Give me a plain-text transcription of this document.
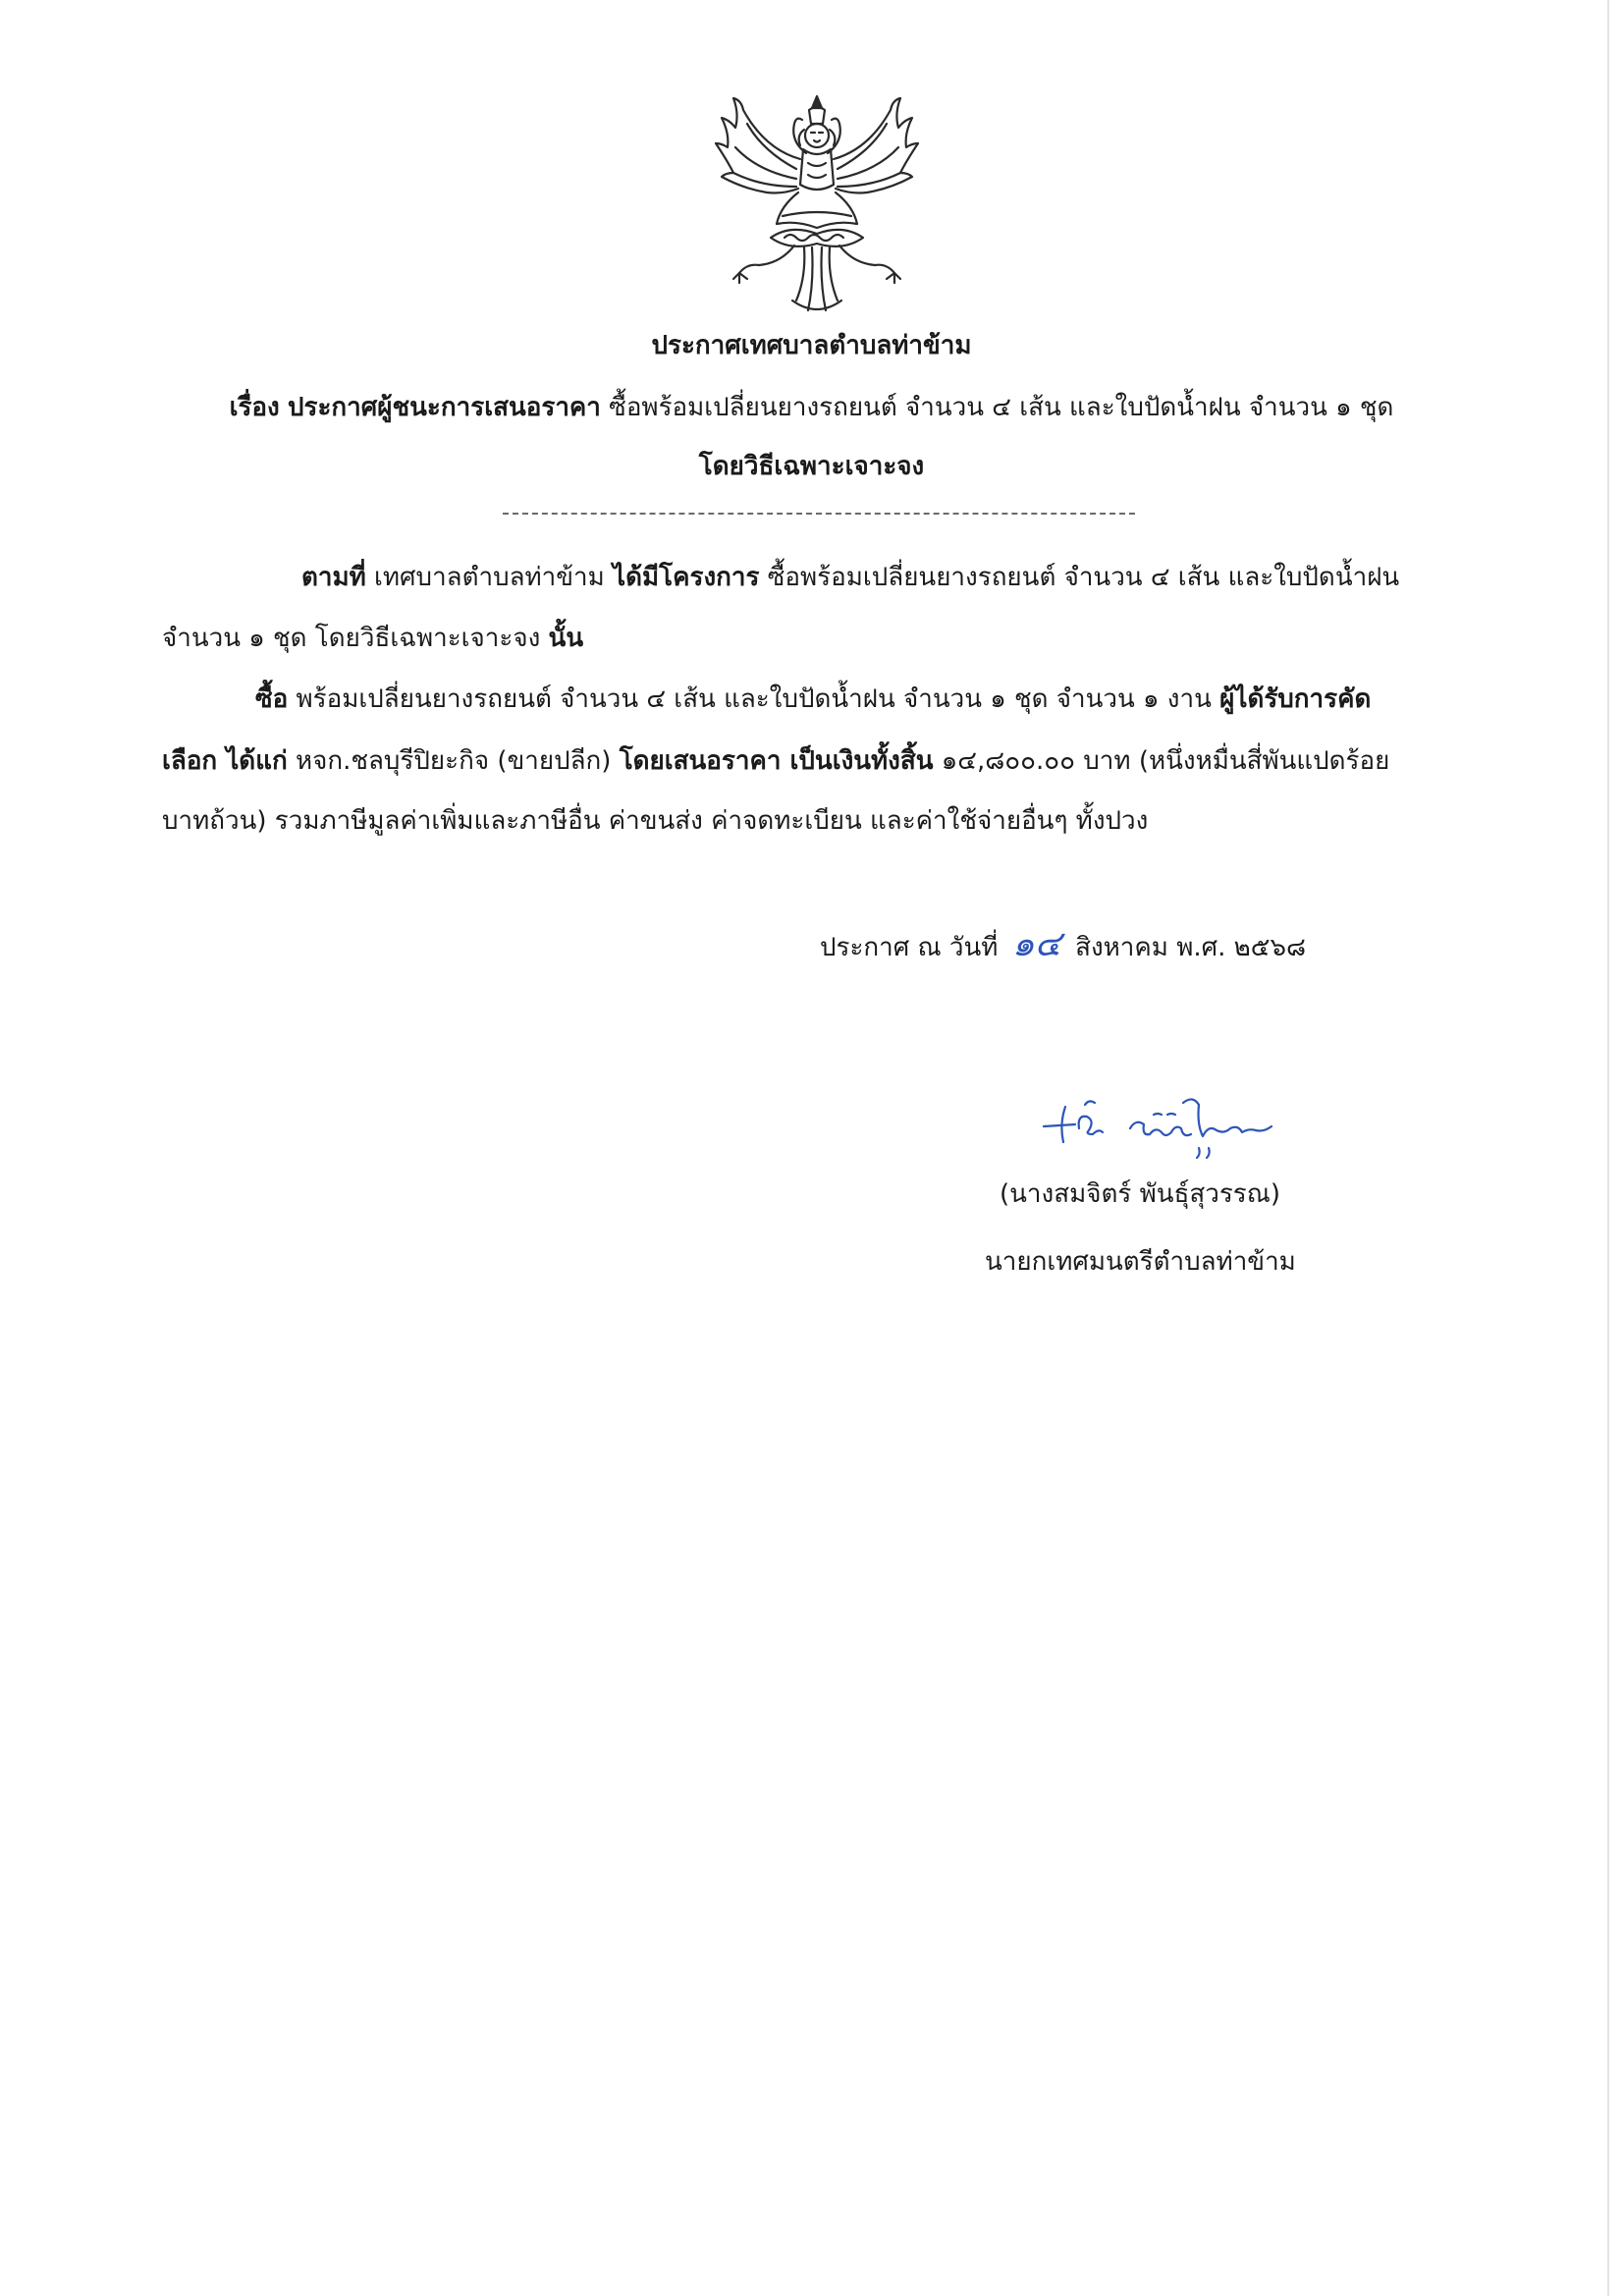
ประกาศเทศบาลตำบลท่าข้าม
เรื่อง ประกาศผู้ชนะการเสนอราคา ซื้อพร้อมเปลี่ยนยางรถยนต์ จำนวน ๔ เส้น และใบปัดน้ำฝน จำนวน ๑ ชุด
โดยวิธีเฉพาะเจาะจง
ตามที่ เทศบาลตำบลท่าข้าม ได้มีโครงการ ซื้อพร้อมเปลี่ยนยางรถยนต์ จำนวน ๔ เส้น และใบปัดน้ำฝน
จำนวน ๑ ชุด โดยวิธีเฉพาะเจาะจง นั้น
ซื้อ พร้อมเปลี่ยนยางรถยนต์ จำนวน ๔ เส้น และใบปัดน้ำฝน จำนวน ๑ ชุด จำนวน ๑ งาน ผู้ได้รับการคัด
เลือก ได้แก่ หจก.ชลบุรีปิยะกิจ (ขายปลีก) โดยเสนอราคา เป็นเงินทั้งสิ้น ๑๔,๘๐๐.๐๐ บาท (หนึ่งหมื่นสี่พันแปดร้อย
บาทถ้วน) รวมภาษีมูลค่าเพิ่มและภาษีอื่น ค่าขนส่ง ค่าจดทะเบียน และค่าใช้จ่ายอื่นๆ ทั้งปวง
ประกาศ ณ วันที่ ๑๔ สิงหาคม พ.ศ. ๒๕๖๘
(นางสมจิตร์ พันธุ์สุวรรณ)
นายกเทศมนตรีตำบลท่าข้าม
